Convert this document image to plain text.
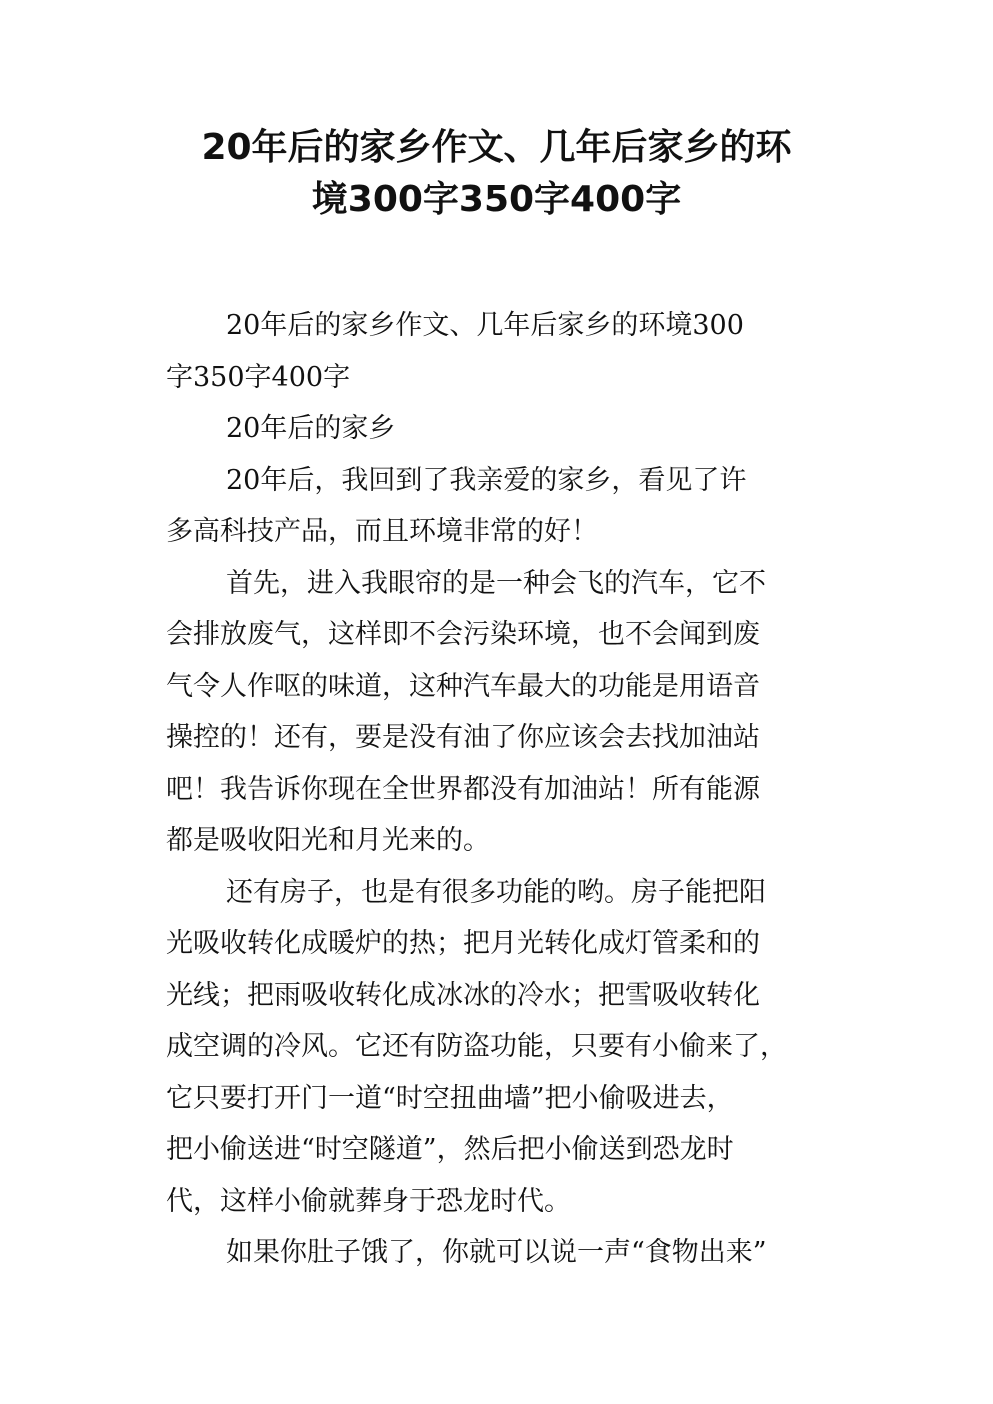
20年后的家乡作文、几年后家乡的环
境300字350字400字
20年后的家乡作文、几年后家乡的环境300
字350字400字
20年后的家乡
20年后，我回到了我亲爱的家乡，看见了许
多高科技产品，而且环境非常的好！
首先，进入我眼帘的是一种会飞的汽车，它不
会排放废气，这样即不会污染环境，也不会闻到废
气令人作呕的味道，这种汽车最大的功能是用语音
操控的！还有，要是没有油了你应该会去找加油站
吧！我告诉你现在全世界都没有加油站！所有能源
都是吸收阳光和月光来的。
还有房子，也是有很多功能的哟。房子能把阳
光吸收转化成暖炉的热；把月光转化成灯管柔和的
光线；把雨吸收转化成冰冰的冷水；把雪吸收转化
成空调的冷风。它还有防盗功能，只要有小偷来了，
它只要打开门一道“时空扭曲墙”把小偷吸进去，
把小偷送进“时空隧道”，然后把小偷送到恐龙时
代，这样小偷就葬身于恐龙时代。
如果你肚子饿了，你就可以说一声“食物出来”
